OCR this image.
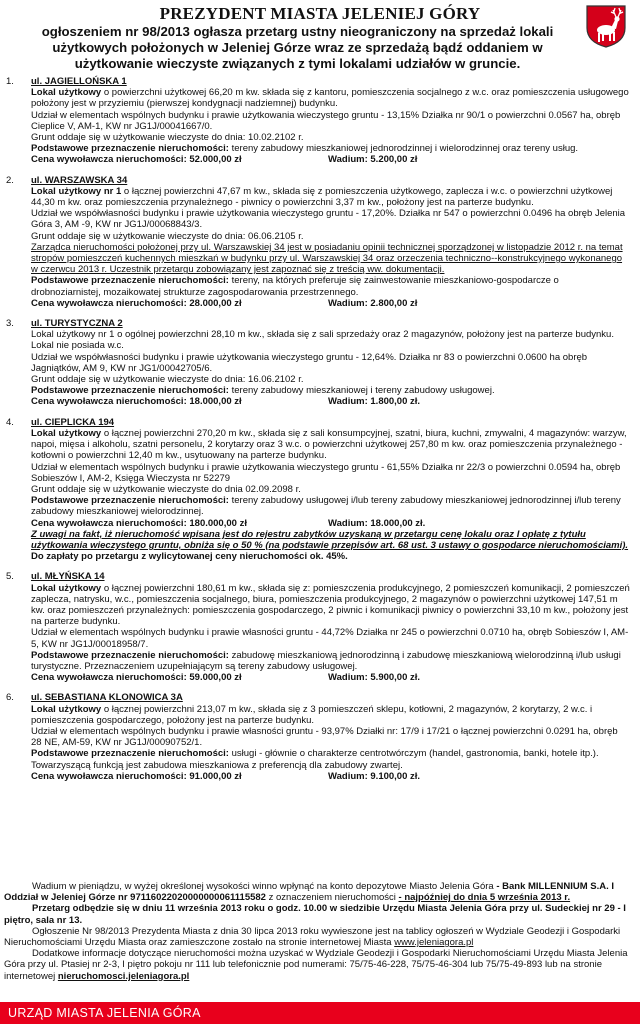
PREZYDENT MIASTA JELENIEJ GÓRY
ogłoszeniem nr 98/2013 ogłasza przetarg ustny nieograniczony na sprzedaż lokali użytkowych położonych w Jeleniej Górze wraz ze sprzedażą bądź oddaniem w użytkowanie wieczyste związanych z tymi lokalami udziałów w gruncie.
1. ul. JAGIELLOŃSKA 1
Lokal użytkowy o powierzchni użytkowej 66,20 m kw. składa się z kantoru, pomieszczenia socjalnego z w.c. oraz pomieszczenia usługowego położony jest w przyziemiu (pierwszej kondygnacji nadziemnej) budynku.
Udział w elementach wspólnych budynku i prawie użytkowania wieczystego gruntu - 13,15% Działka nr 90/1 o powierzchni 0.0567 ha, obręb Cieplice V, AM-1, KW nr JG1J/00041667/0.
Grunt oddaje się w użytkowanie wieczyste do dnia: 10.02.2102 r.
Podstawowe przeznaczenie nieruchomości: tereny zabudowy mieszkaniowej jednorodzinnej i wielorodzinnej oraz tereny usług.
Cena wywoławcza nieruchomości: 52.000,00 zł	Wadium: 5.200,00 zł
2. ul. WARSZAWSKA 34
Lokal użytkowy nr 1 o łącznej powierzchni 47,67 m kw., składa się z pomieszczenia użytkowego, zaplecza i w.c. o powierzchni użytkowej 44,30 m kw. oraz pomieszczenia przynależnego - piwnicy o powierzchni 3,37 m kw., położony jest na parterze budynku.
Udział we współwłasności budynku i prawie użytkowania wieczystego gruntu - 17,20%. Działka nr 547 o powierzchni 0.0496 ha obręb Jelenia Góra 3, AM -9, KW nr JG1J/00068843/3.
Grunt oddaje się w użytkowanie wieczyste do dnia: 06.06.2105 r.
Zarządca nieruchomości położonej przy ul. Warszawskiej 34 jest w posiadaniu opinii technicznej sporządzonej w listopadzie 2012 r. na temat stropów pomieszczeń kuchennych mieszkań w budynku przy ul. Warszawskiej 34 oraz orzeczenia techniczno--konstrukcyjnego wykonanego w czerwcu 2013 r. Uczestnik przetargu zobowiązany jest zapoznać się z treścią ww. dokumentacji.
Podstawowe przeznaczenie nieruchomości: tereny, na których preferuje się zainwestowanie mieszkaniowo-gospodarcze o drobnoziarnistej, mozaikowatej strukturze zagospodarowania przestrzennego.
Cena wywoławcza nieruchomości: 28.000,00 zł	Wadium: 2.800,00 zł
3. ul. TURYSTYCZNA 2
Lokal użytkowy nr 1 o ogólnej powierzchni 28,10 m kw., składa się z sali sprzedaży oraz 2 magazynów, położony jest na parterze budynku. Lokal nie posiada w.c.
Udział we współwłasności budynku i prawie użytkowania wieczystego gruntu - 12,64%. Działka nr 83 o powierzchni 0.0600 ha obręb Jagniątków, AM 9, KW nr JG1/00042705/6.
Grunt oddaje się w użytkowanie wieczyste do dnia: 16.06.2102 r.
Podstawowe przeznaczenie nieruchomości: tereny zabudowy mieszkaniowej i tereny zabudowy usługowej.
Cena wywoławcza nieruchomości: 18.000,00 zł	Wadium: 1.800,00 zł.
4. ul. CIEPLICKA 194
Lokal użytkowy o łącznej powierzchni 270,20 m kw., składa się z sali konsumpcyjnej, szatni, biura, kuchni, zmywalni, 4 magazynów: warzyw, napoi, mięsa i alkoholu, szatni personelu, 2 korytarzy oraz 3 w.c. o powierzchni użytkowej 257,80 m kw. oraz pomieszczenia przynależnego - kotłowni o powierzchni 12,40 m kw., usytuowany na parterze budynku.
Udział w elementach wspólnych budynku i prawie użytkowania wieczystego gruntu - 61,55% Działka nr 22/3 o powierzchni 0.0594 ha, obręb Sobieszów I, AM-2, Księga Wieczysta nr 52279
Grunt oddaje się w użytkowanie wieczyste do dnia 02.09.2098 r.
Podstawowe przeznaczenie nieruchomości: tereny zabudowy usługowej i/lub tereny zabudowy mieszkaniowej jednorodzinnej i/lub tereny zabudowy mieszkaniowej wielorodzinnej.
Cena wywoławcza nieruchomości: 180.000,00 zł	Wadium: 18.000,00 zł.
Z uwagi na fakt, iż nieruchomość wpisana jest do rejestru zabytków uzyskaną w przetargu cenę lokalu oraz I opłatę z tytułu użytkowania wieczystego gruntu, obniża się o 50 % (na podstawie przepisów art. 68 ust. 3 ustawy o gospodarce nieruchomościami).
Do zapłaty po przetargu z wylicytowanej ceny nieruchomości ok. 45%.
5. ul. MŁYŃSKA 14
Lokal użytkowy o łącznej powierzchni 180,61 m kw., składa się z: pomieszczenia produkcyjnego, 2 pomieszczeń komunikacji, 2 pomieszczeń zaplecza, natrysku, w.c., pomieszczenia socjalnego, biura, pomieszczenia produkcyjnego, 2 magazynów o powierzchni użytkowej 147,51 m kw. oraz pomieszczeń przynależnych: pomieszczenia gospodarczego, 2 piwnic i komunikacji piwnicy o powierzchni 33,10 m kw., położony jest na parterze budynku.
Udział w elementach wspólnych budynku i prawie własności gruntu - 44,72% Działka nr 245 o powierzchni 0.0710 ha, obręb Sobieszów I, AM-5, KW nr JG1J/00018958/7.
Podstawowe przeznaczenie nieruchomości: zabudowę mieszkaniową jednorodzinną i zabudowę mieszkaniową wielorodzinną i/lub usługi turystyczne. Przeznaczeniem uzupełniającym są tereny zabudowy usługowej.
Cena wywoławcza nieruchomości: 59.000,00 zł	Wadium: 5.900,00 zł.
6. ul. SEBASTIANA KLONOWICA 3A
Lokal użytkowy o łącznej powierzchni 213,07 m kw., składa się z 3 pomieszczeń sklepu, kotłowni, 2 magazynów, 2 korytarzy, 2 w.c. i pomieszczenia gospodarczego, położony jest na parterze budynku.
Udział w elementach wspólnych budynku i prawie własności gruntu - 93,97% Działki nr: 17/9 i 17/21 o łącznej powierzchni 0.0291 ha, obręb 28 NE, AM-59, KW nr JG1J/00090752/1.
Podstawowe przeznaczenie nieruchomości: usługi - głównie o charakterze centrotwórczym (handel, gastronomia, banki, hotele itp.). Towarzyszącą funkcją jest zabudowa mieszkaniowa z preferencją dla zabudowy zwartej.
Cena wywoławcza nieruchomości: 91.000,00 zł	Wadium: 9.100,00 zł.

Wadium w pieniądzu, w wyżej określonej wysokości winno wpłynąć na konto depozytowe Miasto Jelenia Góra - Bank MILLENNIUM S.A. I Oddział w Jeleniej Górze nr 97116022020000000061115582 z oznaczeniem nieruchomości - najpóźniej do dnia 5 września 2013 r.

Przetarg odbędzie się w dniu 11 września 2013 roku o godz. 10.00 w siedzibie Urzędu Miasta Jelenia Góra przy ul. Sudeckiej nr 29 - I piętro, sala nr 13.

Ogłoszenie Nr 98/2013 Prezydenta Miasta z dnia 30 lipca 2013 roku wywieszone jest na tablicy ogłoszeń w Wydziale Geodezji i Gospodarki Nieruchomościami Urzędu Miasta oraz zamieszczone zostało na stronie internetowej Miasta www.jeleniagora.pl

Dodatkowe informacje dotyczące nieruchomości można uzyskać w Wydziale Geodezji i Gospodarki Nieruchomościami Urzędu Miasta Jelenia Góra przy ul. Ptasiej nr 2-3, I piętro pokoju nr 111 lub telefonicznie pod numerami: 75/75-46-228, 75/75-46-304 lub 75/75-49-893 lub na stronie internetowej nieruchomosci.jeleniagora.pl

URZĄD MIASTA JELENIA GÓRA
